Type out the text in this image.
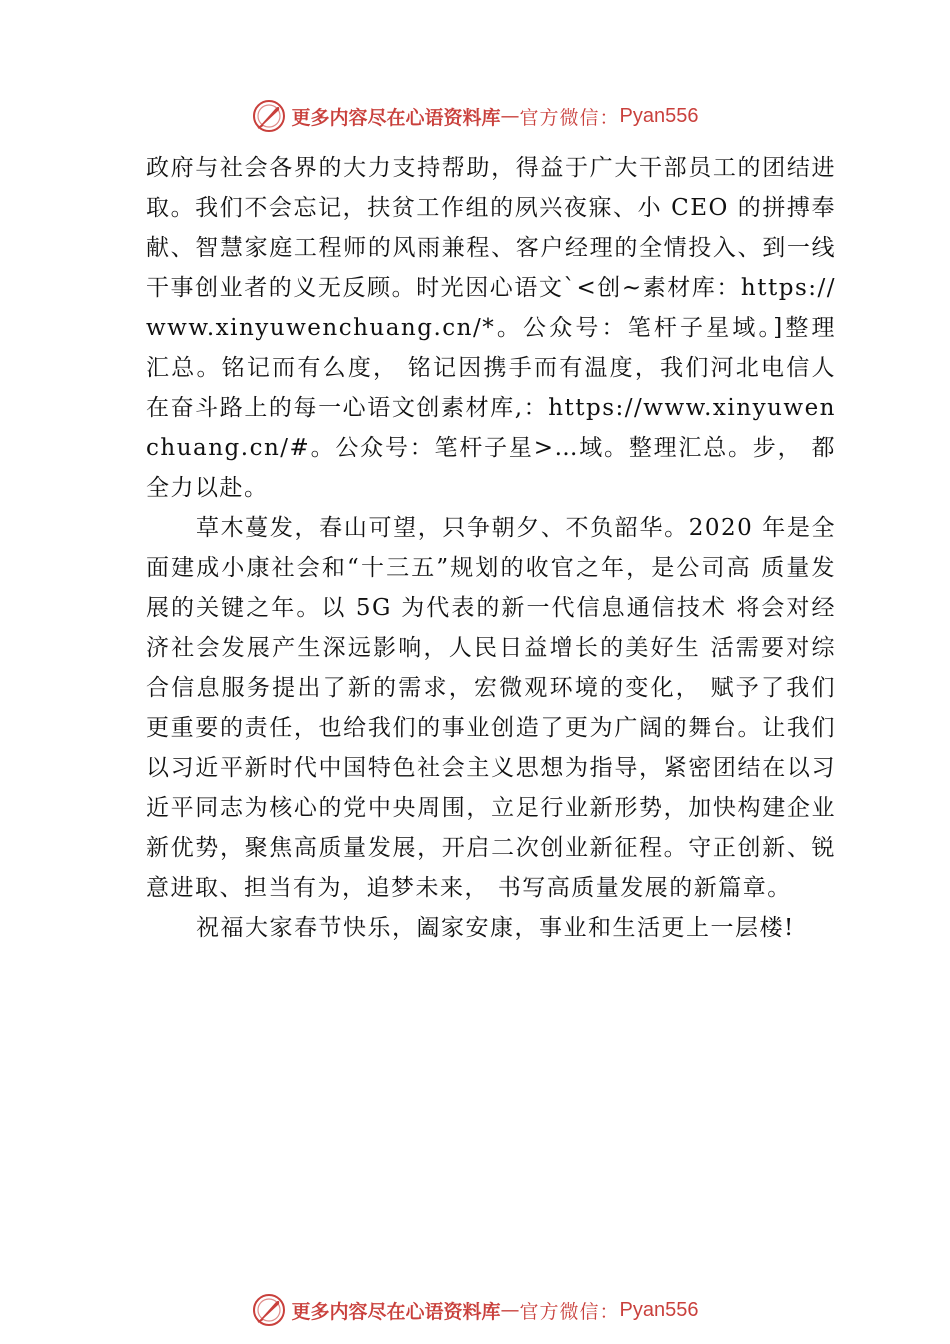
更多内容尽在心语资料库 — 官方微信： Pyan556

政府与社会各界的大力支持帮助，得益于广大干部员工的团结进取。我们不会忘记，扶贫工作组的夙兴夜寐、小 CEO 的拼搏奉献、智慧家庭工程师的风雨兼程、客户经理的全情投入、到一线干事创业者的义无反顾。时光因心语文`<创~素材库：https://www.xinyuwenchuang.cn/*。公众号：笔杆子星域。]整理汇总。铭记而有么度， 铭记因携手而有温度，我们河北电信人在奋斗路上的每一心语文创素材库,：https://www.xinyuwenchuang.cn/#。公众号：笔杆子星>…域。整理汇总。步， 都全力以赴。

草木蔓发，春山可望，只争朝夕、不负韶华。2020 年是全面建成小康社会和“十三五”规划的收官之年，是公司高 质量发展的关键之年。以 5G 为代表的新一代信息通信技术 将会对经济社会发展产生深远影响，人民日益增长的美好生 活需要对综合信息服务提出了新的需求，宏微观环境的变化， 赋予了我们更重要的责任，也给我们的事业创造了更为广阔的舞台。让我们以习近平新时代中国特色社会主义思想为指导，紧密团结在以习近平同志为核心的党中央周围，立足行业新形势，加快构建企业新优势，聚焦高质量发展，开启二次创业新征程。守正创新、锐意进取、担当有为，追梦未来， 书写高质量发展的新篇章。

祝福大家春节快乐，阖家安康，事业和生活更上一层楼!

更多内容尽在心语资料库 — 官方微信： Pyan556
